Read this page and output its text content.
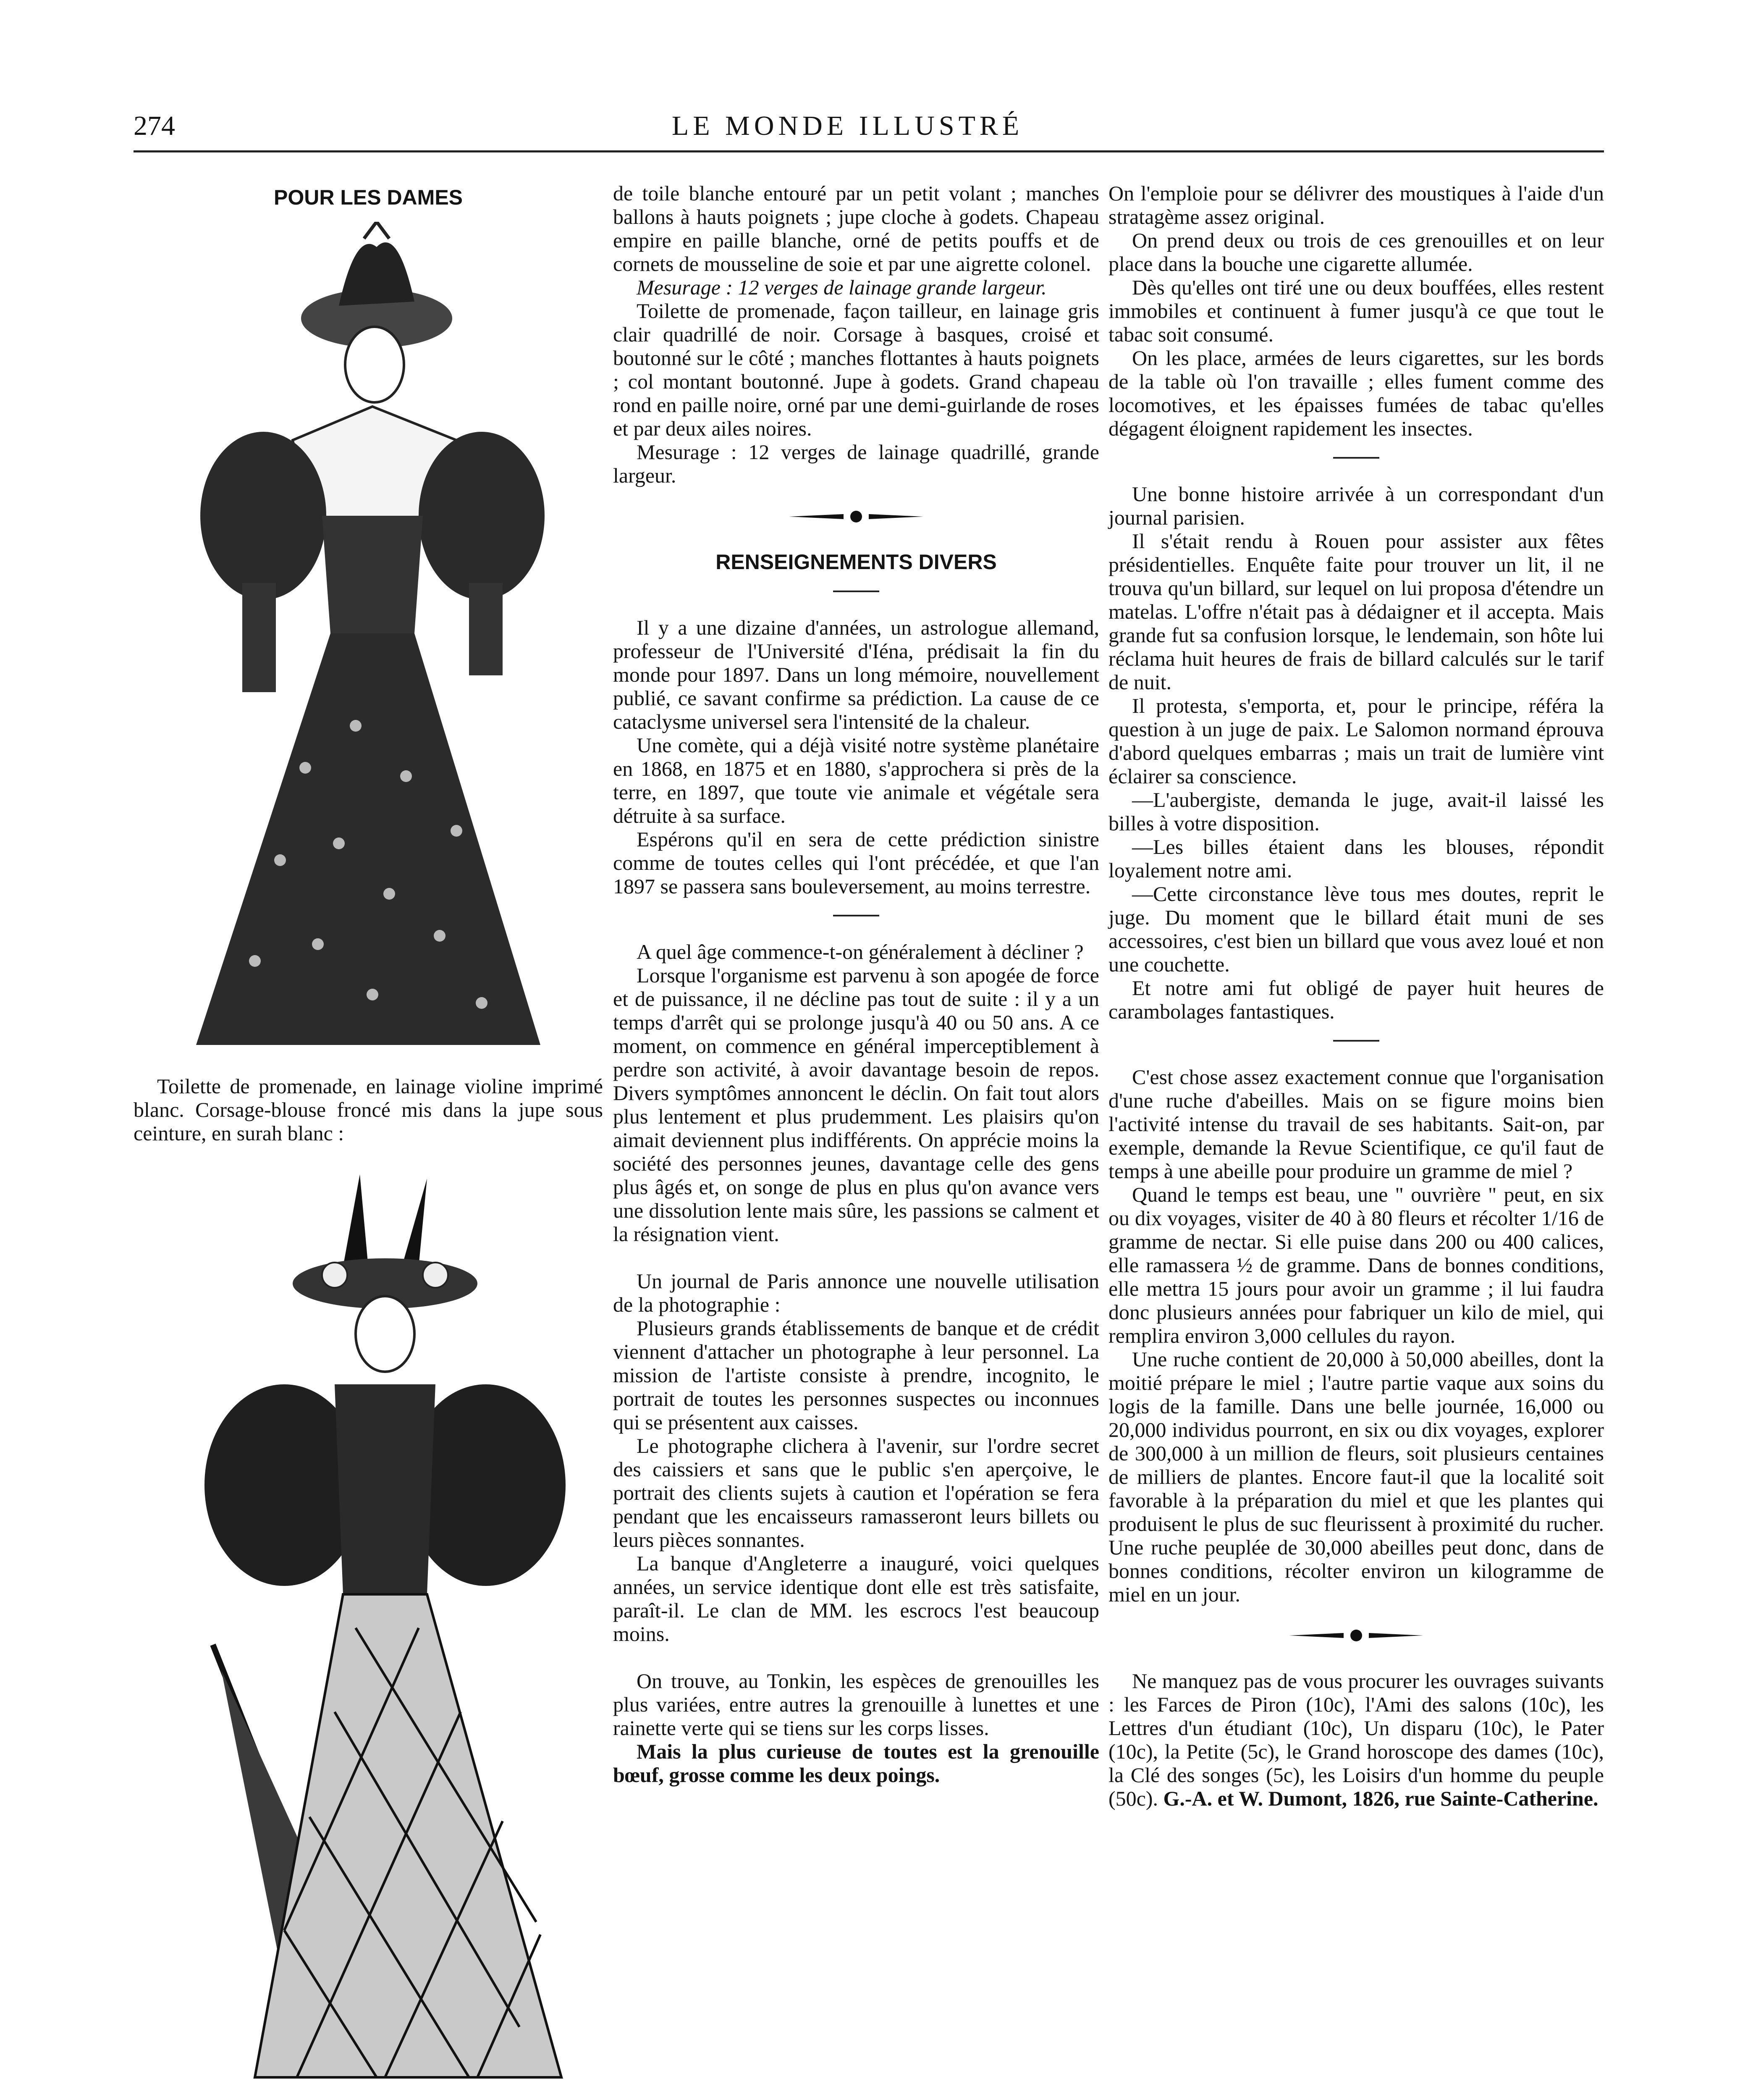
274	LE MONDE ILLUSTRÉ
POUR LES DAMES

Toilette de promenade, en lainage violine imprimé blanc. Corsage-blouse froncé mis dans la jupe sous ceinture, en surah blanc :

de toile blanche entouré par un petit volant ; manches ballons à hauts poignets ; jupe cloche à godets. Chapeau empire en paille blanche, orné de petits pouffs et de cornets de mousseline de soie et par une aigrette colonel.

Mesurage : 12 verges de lainage grande largeur.

Toilette de promenade, façon tailleur, en lainage gris clair quadrillé de noir. Corsage à basques, croisé et boutonné sur le côté ; manches flottantes à hauts poignets ; col montant boutonné. Jupe à godets. Grand chapeau rond en paille noire, orné par une demi-guirlande de roses et par deux ailes noires.

Mesurage : 12 verges de lainage quadrillé, grande largeur.

RENSEIGNEMENTS DIVERS

Il y a une dizaine d'années, un astrologue allemand, professeur de l'Université d'Iéna, prédisait la fin du monde pour 1897. Dans un long mémoire, nouvellement publié, ce savant confirme sa prédiction. La cause de ce cataclysme universel sera l'intensité de la chaleur.

Une comète, qui a déjà visité notre système planétaire en 1868, en 1875 et en 1880, s'approchera si près de la terre, en 1897, que toute vie animale et végétale sera détruite à sa surface.

Espérons qu'il en sera de cette prédiction sinistre comme de toutes celles qui l'ont précédée, et que l'an 1897 se passera sans bouleversement, au moins terrestre.

A quel âge commence-t-on généralement à décliner ?

Lorsque l'organisme est parvenu à son apogée de force et de puissance, il ne décline pas tout de suite : il y a un temps d'arrêt qui se prolonge jusqu'à 40 ou 50 ans. A ce moment, on commence en général imperceptiblement à perdre son activité, à avoir davantage besoin de repos. Divers symptômes annoncent le déclin. On fait tout alors plus lentement et plus prudemment. Les plaisirs qu'on aimait deviennent plus indifférents. On apprécie moins la société des personnes jeunes, davantage celle des gens plus âgés et, on songe de plus en plus qu'on avance vers une dissolution lente mais sûre, les passions se calment et la résignation vient.

Un journal de Paris annonce une nouvelle utilisation de la photographie :

Plusieurs grands établissements de banque et de crédit viennent d'attacher un photographe à leur personnel. La mission de l'artiste consiste à prendre, incognito, le portrait de toutes les personnes suspectes ou inconnues qui se présentent aux caisses.

Le photographe clichera à l'avenir, sur l'ordre secret des caissiers et sans que le public s'en aperçoive, le portrait des clients sujets à caution et l'opération se fera pendant que les encaisseurs ramasseront leurs billets ou leurs pièces sonnantes.

La banque d'Angleterre a inauguré, voici quelques années, un service identique dont elle est très satisfaite, paraît-il. Le clan de MM. les escrocs l'est beaucoup moins.

On trouve, au Tonkin, les espèces de grenouilles les plus variées, entre autres la grenouille à lunettes et une rainette verte qui se tiens sur les corps lisses.

Mais la plus curieuse de toutes est la grenouille bœuf, grosse comme les deux poings.

On l'emploie pour se délivrer des moustiques à l'aide d'un stratagème assez original.

On prend deux ou trois de ces grenouilles et on leur place dans la bouche une cigarette allumée.

Dès qu'elles ont tiré une ou deux bouffées, elles restent immobiles et continuent à fumer jusqu'à ce que tout le tabac soit consumé.

On les place, armées de leurs cigarettes, sur les bords de la table où l'on travaille ; elles fument comme des locomotives, et les épaisses fumées de tabac qu'elles dégagent éloignent rapidement les insectes.

Une bonne histoire arrivée à un correspondant d'un journal parisien.

Il s'était rendu à Rouen pour assister aux fêtes présidentielles. Enquête faite pour trouver un lit, il ne trouva qu'un billard, sur lequel on lui proposa d'étendre un matelas. L'offre n'était pas à dédaigner et il accepta. Mais grande fut sa confusion lorsque, le lendemain, son hôte lui réclama huit heures de frais de billard calculés sur le tarif de nuit.

Il protesta, s'emporta, et, pour le principe, référa la question à un juge de paix. Le Salomon normand éprouva d'abord quelques embarras ; mais un trait de lumière vint éclairer sa conscience.

—L'aubergiste, demanda le juge, avait-il laissé les billes à votre disposition.

—Les billes étaient dans les blouses, répondit loyalement notre ami.

—Cette circonstance lève tous mes doutes, reprit le juge. Du moment que le billard était muni de ses accessoires, c'est bien un billard que vous avez loué et non une couchette.

Et notre ami fut obligé de payer huit heures de carambolages fantastiques.

C'est chose assez exactement connue que l'organisation d'une ruche d'abeilles. Mais on se figure moins bien l'activité intense du travail de ses habitants. Sait-on, par exemple, demande la Revue Scientifique, ce qu'il faut de temps à une abeille pour produire un gramme de miel ?

Quand le temps est beau, une " ouvrière " peut, en six ou dix voyages, visiter de 40 à 80 fleurs et récolter 1/16 de gramme de nectar. Si elle puise dans 200 ou 400 calices, elle ramassera ½ de gramme. Dans de bonnes conditions, elle mettra 15 jours pour avoir un gramme ; il lui faudra donc plusieurs années pour fabriquer un kilo de miel, qui remplira environ 3,000 cellules du rayon.

Une ruche contient de 20,000 à 50,000 abeilles, dont la moitié prépare le miel ; l'autre partie vaque aux soins du logis de la famille. Dans une belle journée, 16,000 ou 20,000 individus pourront, en six ou dix voyages, explorer de 300,000 à un million de fleurs, soit plusieurs centaines de milliers de plantes. Encore faut-il que la localité soit favorable à la préparation du miel et que les plantes qui produisent le plus de suc fleurissent à proximité du rucher. Une ruche peuplée de 30,000 abeilles peut donc, dans de bonnes conditions, récolter environ un kilogramme de miel en un jour.

Ne manquez pas de vous procurer les ouvrages suivants : les Farces de Piron (10c), l'Ami des salons (10c), les Lettres d'un étudiant (10c), Un disparu (10c), le Pater (10c), la Petite (5c), le Grand horoscope des dames (10c), la Clé des songes (5c), les Loisirs d'un homme du peuple (50c). G.-A. et W. Dumont, 1826, rue Sainte-Catherine.
